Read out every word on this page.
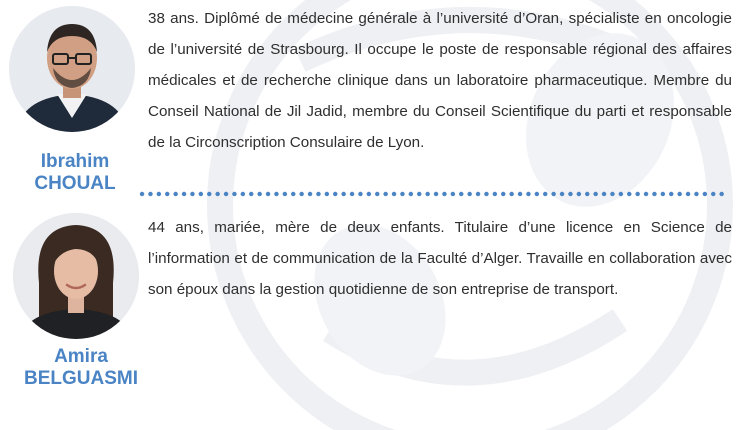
Ibrahim
CHOUAL

38 ans. Diplômé de médecine générale à l’université d’Oran, spécialiste en oncologie de l’université de Strasbourg. Il occupe le poste de responsable régional des affaires médicales et de recherche clinique dans un laboratoire pharmaceutique. Membre du Conseil National de Jil Jadid, membre du Conseil Scientifique du parti et responsable de la Circonscription Consulaire de Lyon.

Amira
BELGUASMI

44 ans, mariée, mère de deux enfants. Titulaire d’une licence en Science de l’information et de communication de la Faculté d’Alger. Travaille en collaboration avec son époux dans la gestion quotidienne de son entreprise de transport.
